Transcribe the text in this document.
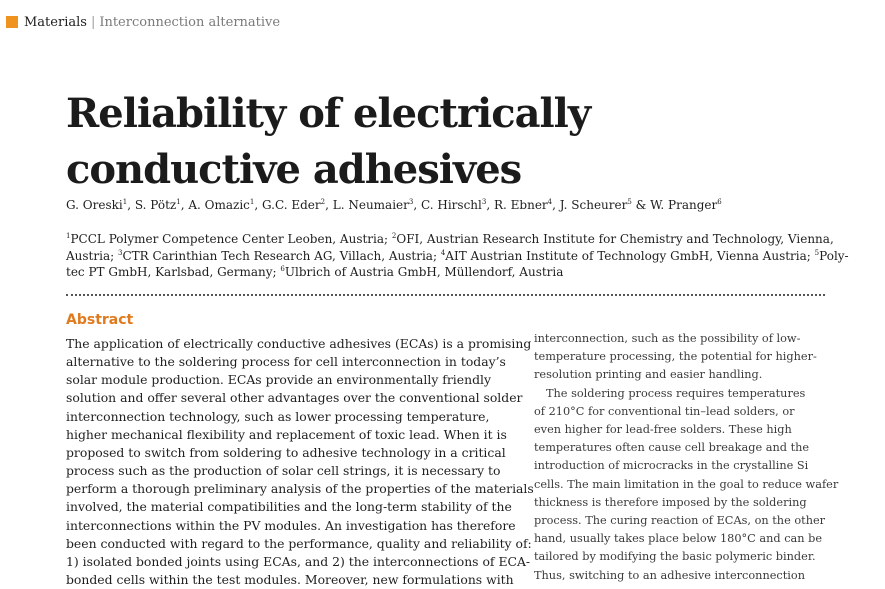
Materials | Interconnection alternative
Reliability of electrically
conductive adhesives
G. Oreski$^1$, S. Pötz$^1$, A. Omazic$^1$, G.C. Eder$^2$, L. Neumaier$^3$, C. Hirschl$^3$, R. Ebner$^4$, J. Scheurer$^5$ & W. Pranger$^6$
$^1$PCCL Polymer Competence Center Leoben, Austria; $^2$OFI, Austrian Research Institute for Chemistry and Technology, Vienna,
Austria; $^3$CTR Carinthian Tech Research AG, Villach, Austria; $^4$AIT Austrian Institute of Technology GmbH, Vienna Austria; $^5$Poly-
tec PT GmbH, Karlsbad, Germany; $^6$Ulbrich of Austria GmbH, Müllendorf, Austria
Abstract
The application of electrically conductive adhesives (ECAs) is a promising
alternative to the soldering process for cell interconnection in today’s
solar module production. ECAs provide an environmentally friendly
solution and offer several other advantages over the conventional solder
interconnection technology, such as lower processing temperature,
higher mechanical flexibility and replacement of toxic lead. When it is
proposed to switch from soldering to adhesive technology in a critical
process such as the production of solar cell strings, it is necessary to
perform a thorough preliminary analysis of the properties of the materials
involved, the material compatibilities and the long-term stability of the
interconnections within the PV modules. An investigation has therefore
been conducted with regard to the performance, quality and reliability of:
1) isolated bonded joints using ECAs, and 2) the interconnections of ECA-
bonded cells within the test modules. Moreover, new formulations with
interconnection, such as the possibility of low-
temperature processing, the potential for higher-
resolution printing and easier handling.
The soldering process requires temperatures
of 210°C for conventional tin–lead solders, or
even higher for lead-free solders. These high
temperatures often cause cell breakage and the
introduction of microcracks in the crystalline Si
cells. The main limitation in the goal to reduce wafer
thickness is therefore imposed by the soldering
process. The curing reaction of ECAs, on the other
hand, usually takes place below 180°C and can be
tailored by modifying the basic polymeric binder.
Thus, switching to an adhesive interconnection
